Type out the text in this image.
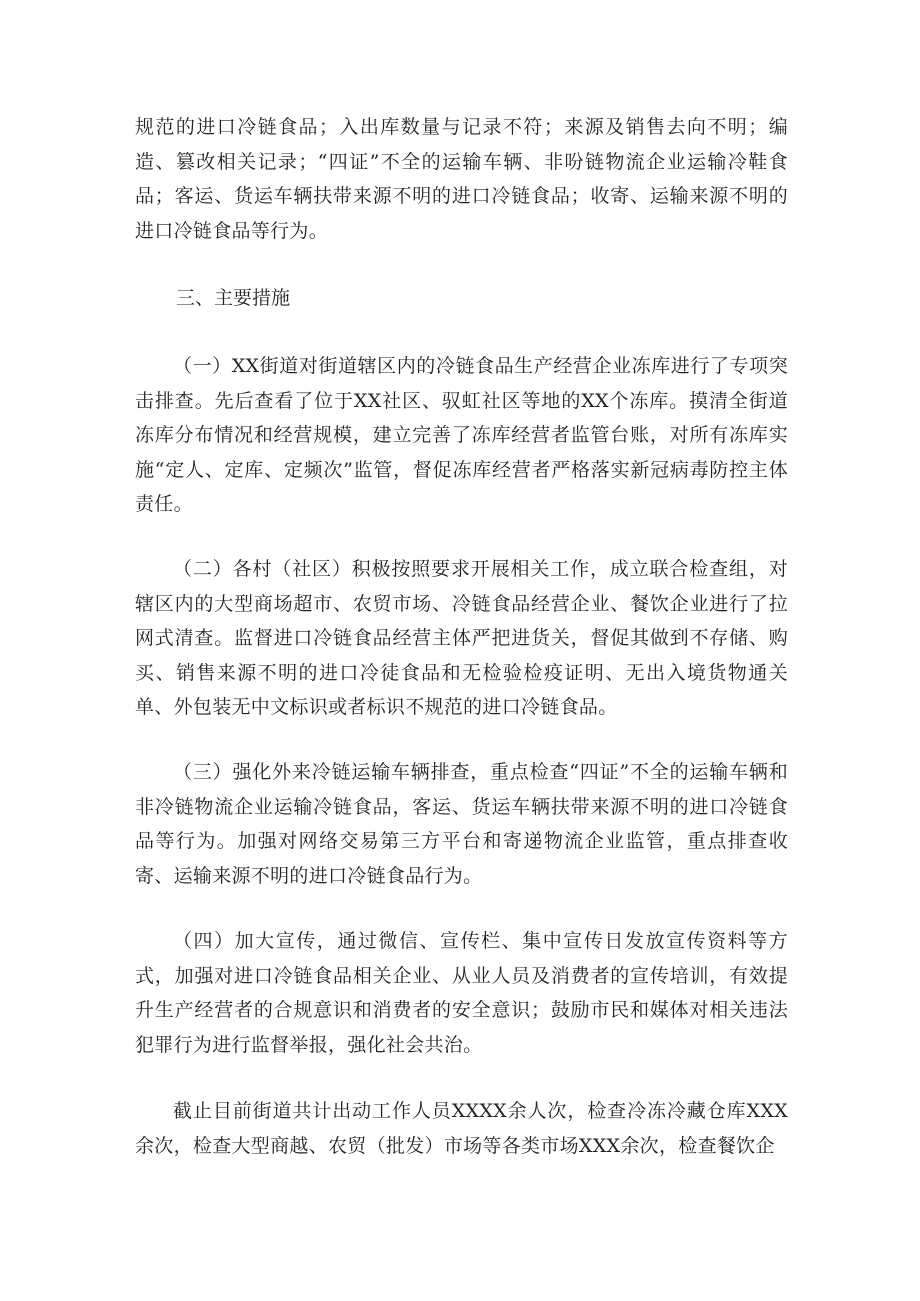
规范的进口冷链食品；入出库数量与记录不符；来源及销售去向不明；编造、篡改相关记录；“四证”不全的运输车辆、非吩链物流企业运输冷鞋食品；客运、货运车辆扶带来源不明的进口冷链食品；收寄、运输来源不明的进口冷链食品等行为。

三、主要措施

（一）XX街道对街道辖区内的冷链食品生产经营企业冻库进行了专项突击排查。先后查看了位于XX社区、驭虹社区等地的XX个冻库。摸清全街道冻库分布情况和经营规模，建立完善了冻库经营者监管台账，对所有冻库实施“定人、定库、定频次”监管，督促冻库经营者严格落实新冠病毒防控主体责任。

（二）各村（社区）积极按照要求开展相关工作，成立联合检查组，对辖区内的大型商场超市、农贸市场、冷链食品经营企业、餐饮企业进行了拉网式清查。监督进口冷链食品经营主体严把进货关，督促其做到不存储、购买、销售来源不明的进口冷徒食品和无检验检疫证明、无出入境货物通关单、外包装无中文标识或者标识不规范的进口冷链食品。

（三）强化外来冷链运输车辆排查，重点检查“四证”不全的运输车辆和非冷链物流企业运输冷链食品，客运、货运车辆扶带来源不明的进口冷链食品等行为。加强对网络交易第三方平台和寄递物流企业监管，重点排查收寄、运输来源不明的进口冷链食品行为。

（四）加大宣传，通过微信、宣传栏、集中宣传日发放宣传资料等方式，加强对进口冷链食品相关企业、从业人员及消费者的宣传培训，有效提升生产经营者的合规意识和消费者的安全意识；鼓励市民和媒体对相关违法犯罪行为进行监督举报，强化社会共治。

截止目前街道共计出动工作人员XXXX余人次，检查冷冻冷藏仓库XXX余次，检查大型商越、农贸（批发）市场等各类市场XXX余次，检查餐饮企
